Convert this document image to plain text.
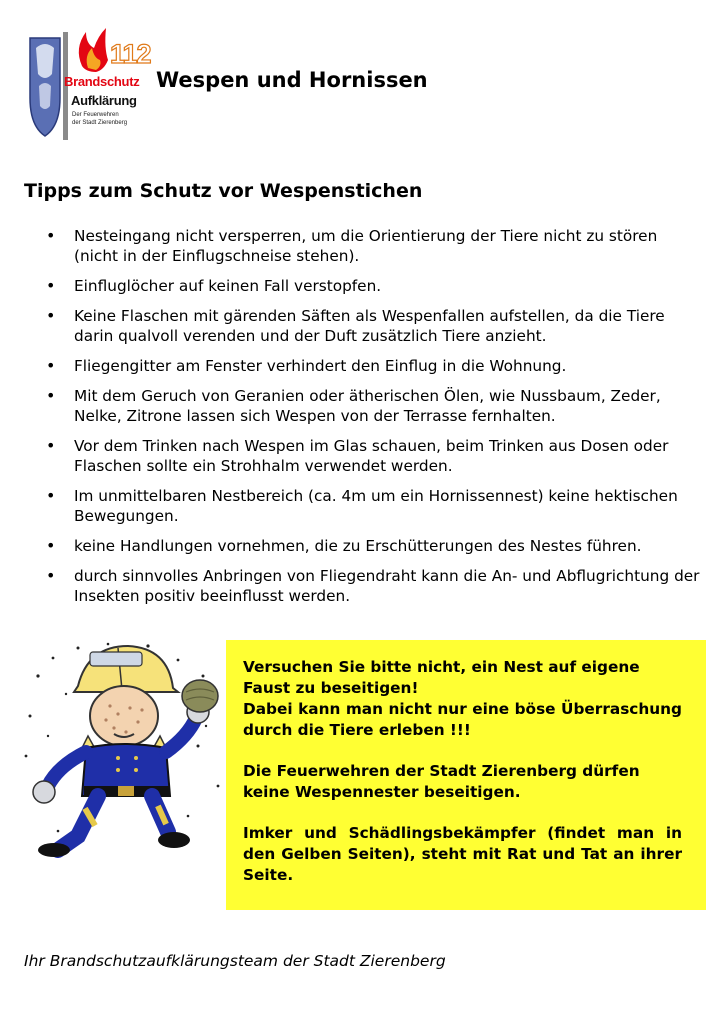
112
Brandschutz
Aufklärung
Der Feuerwehren
der Stadt Zierenberg
Wespen und Hornissen
Tipps zum Schutz vor Wespenstichen
• Nesteingang nicht versperren, um die Orientierung der Tiere nicht zu stören (nicht in der Einflugschneise stehen).
• Einfluglöcher auf keinen Fall verstopfen.
• Keine Flaschen mit gärenden Säften als Wespenfallen aufstellen, da die Tiere darin qualvoll verenden und der Duft zusätzlich Tiere anzieht.
• Fliegengitter am Fenster verhindert den Einflug in die Wohnung.
• Mit dem Geruch von Geranien oder ätherischen Ölen, wie Nussbaum, Zeder, Nelke, Zitrone lassen sich Wespen von der Terrasse fernhalten.
• Vor dem Trinken nach Wespen im Glas schauen, beim Trinken aus Dosen oder Flaschen sollte ein Strohhalm verwendet werden.
• Im unmittelbaren Nestbereich (ca. 4m um ein Hornissennest) keine hektischen Bewegungen.
• keine Handlungen vornehmen, die zu Erschütterungen des Nestes führen.
• durch sinnvolles Anbringen von Fliegendraht kann die An- und Abflugrichtung der Insekten positiv beeinflusst werden.

Versuchen Sie bitte nicht, ein Nest auf eigene Faust zu beseitigen!

Dabei kann man nicht nur eine böse Überraschung durch die Tiere erleben !!!

Die Feuerwehren der Stadt Zierenberg dürfen keine Wespennester beseitigen.

Imker und Schädlingsbekämpfer (findet man in den Gelben Seiten), steht mit Rat und Tat an ihrer Seite.

Ihr Brandschutzaufklärungsteam der Stadt Zierenberg
